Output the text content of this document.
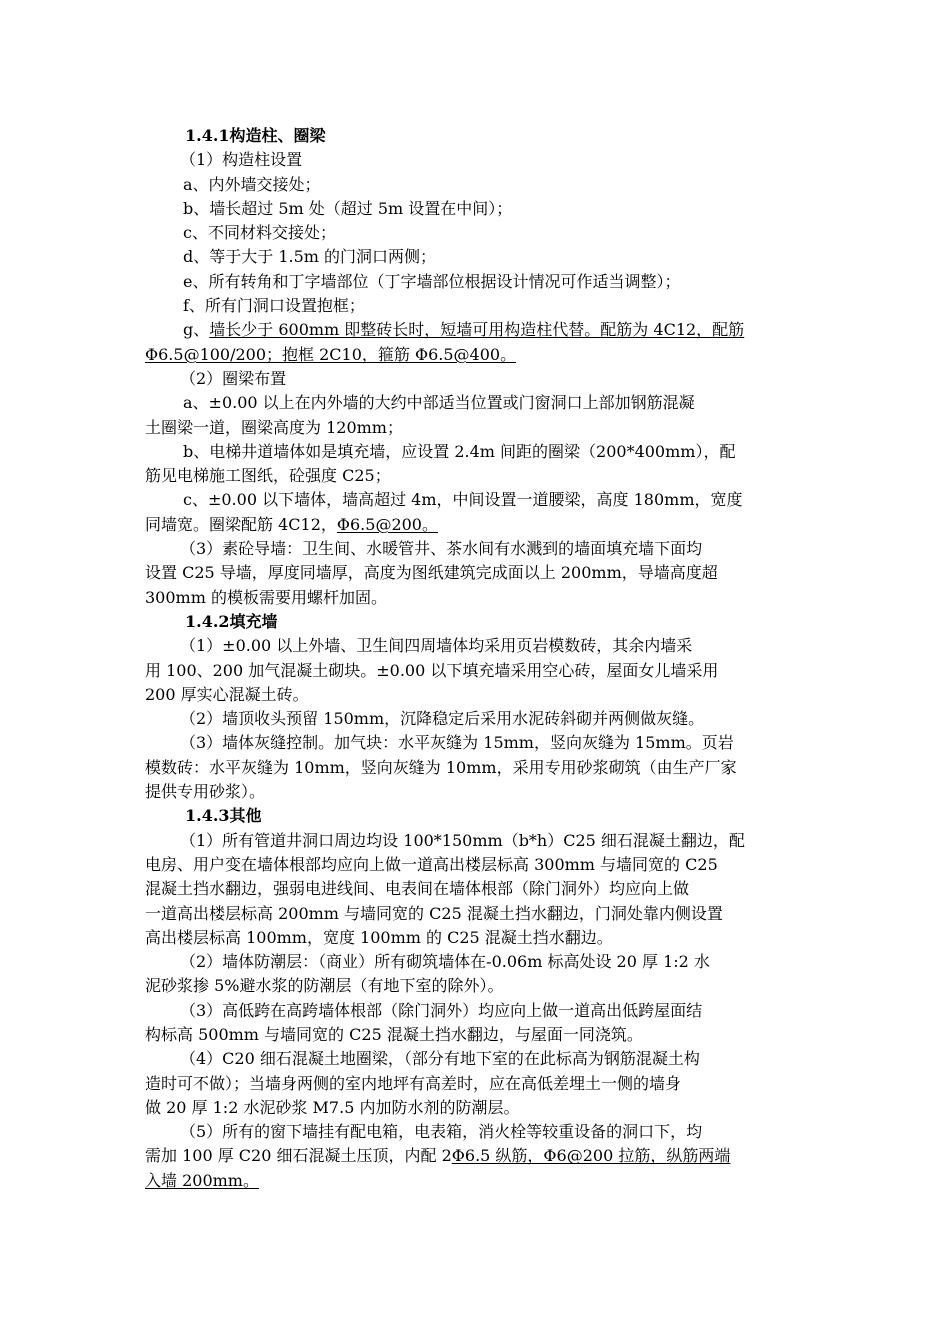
1.4.1构造柱、圈梁
（1）构造柱设置
a、内外墙交接处；
b、墙长超过 5m 处（超过 5m 设置在中间）；
c、不同材料交接处；
d、等于大于 1.5m 的门洞口两侧；
e、所有转角和丁字墙部位（丁字墙部位根据设计情况可作适当调整）；
f、所有门洞口设置抱框；
g、墙长少于 600mm 即整砖长时，短墙可用构造柱代替。配筋为 4C12，配筋
Φ6.5@100/200；抱框 2C10，箍筋 Φ6.5@400。
（2）圈梁布置
a、±0.00 以上在内外墙的大约中部适当位置或门窗洞口上部加钢筋混凝
土圈梁一道，圈梁高度为 120mm；
b、电梯井道墙体如是填充墙，应设置 2.4m 间距的圈梁（200*400mm），配
筋见电梯施工图纸，砼强度 C25；
c、±0.00 以下墙体，墙高超过 4m，中间设置一道腰梁，高度 180mm，宽度
同墙宽。圈梁配筋 4C12，Φ6.5@200。
（3）素砼导墙：卫生间、水暖管井、茶水间有水溅到的墙面填充墙下面均
设置 C25 导墙，厚度同墙厚，高度为图纸建筑完成面以上 200mm，导墙高度超
300mm 的模板需要用螺杆加固。
1.4.2填充墙
（1）±0.00 以上外墙、卫生间四周墙体均采用页岩模数砖，其余内墙采
用 100、200 加气混凝土砌块。±0.00 以下填充墙采用空心砖，屋面女儿墙采用
200 厚实心混凝土砖。
（2）墙顶收头预留 150mm，沉降稳定后采用水泥砖斜砌并两侧做灰缝。
（3）墙体灰缝控制。加气块：水平灰缝为 15mm，竖向灰缝为 15mm。页岩
模数砖：水平灰缝为 10mm，竖向灰缝为 10mm，采用专用砂浆砌筑（由生产厂家
提供专用砂浆）。
1.4.3其他
（1）所有管道井洞口周边均设 100*150mm（b*h）C25 细石混凝土翻边，配
电房、用户变在墙体根部均应向上做一道高出楼层标高 300mm 与墙同宽的 C25
混凝土挡水翻边，强弱电进线间、电表间在墙体根部（除门洞外）均应向上做
一道高出楼层标高 200mm 与墙同宽的 C25 混凝土挡水翻边，门洞处靠内侧设置
高出楼层标高 100mm，宽度 100mm 的 C25 混凝土挡水翻边。
（2）墙体防潮层：（商业）所有砌筑墙体在-0.06m 标高处设 20 厚 1:2 水
泥砂浆掺 5%避水浆的防潮层（有地下室的除外）。
（3）高低跨在高跨墙体根部（除门洞外）均应向上做一道高出低跨屋面结
构标高 500mm 与墙同宽的 C25 混凝土挡水翻边，与屋面一同浇筑。
（4）C20 细石混凝土地圈梁，（部分有地下室的在此标高为钢筋混凝土构
造时可不做）；当墙身两侧的室内地坪有高差时，应在高低差埋土一侧的墙身
做 20 厚 1:2 水泥砂浆 M7.5 内加防水剂的防潮层。
（5）所有的窗下墙挂有配电箱，电表箱，消火栓等较重设备的洞口下，均
需加 100 厚 C20 细石混凝土压顶，内配 2Φ6.5 纵筋，Φ6@200 拉筋，纵筋两端
入墙 200mm。
